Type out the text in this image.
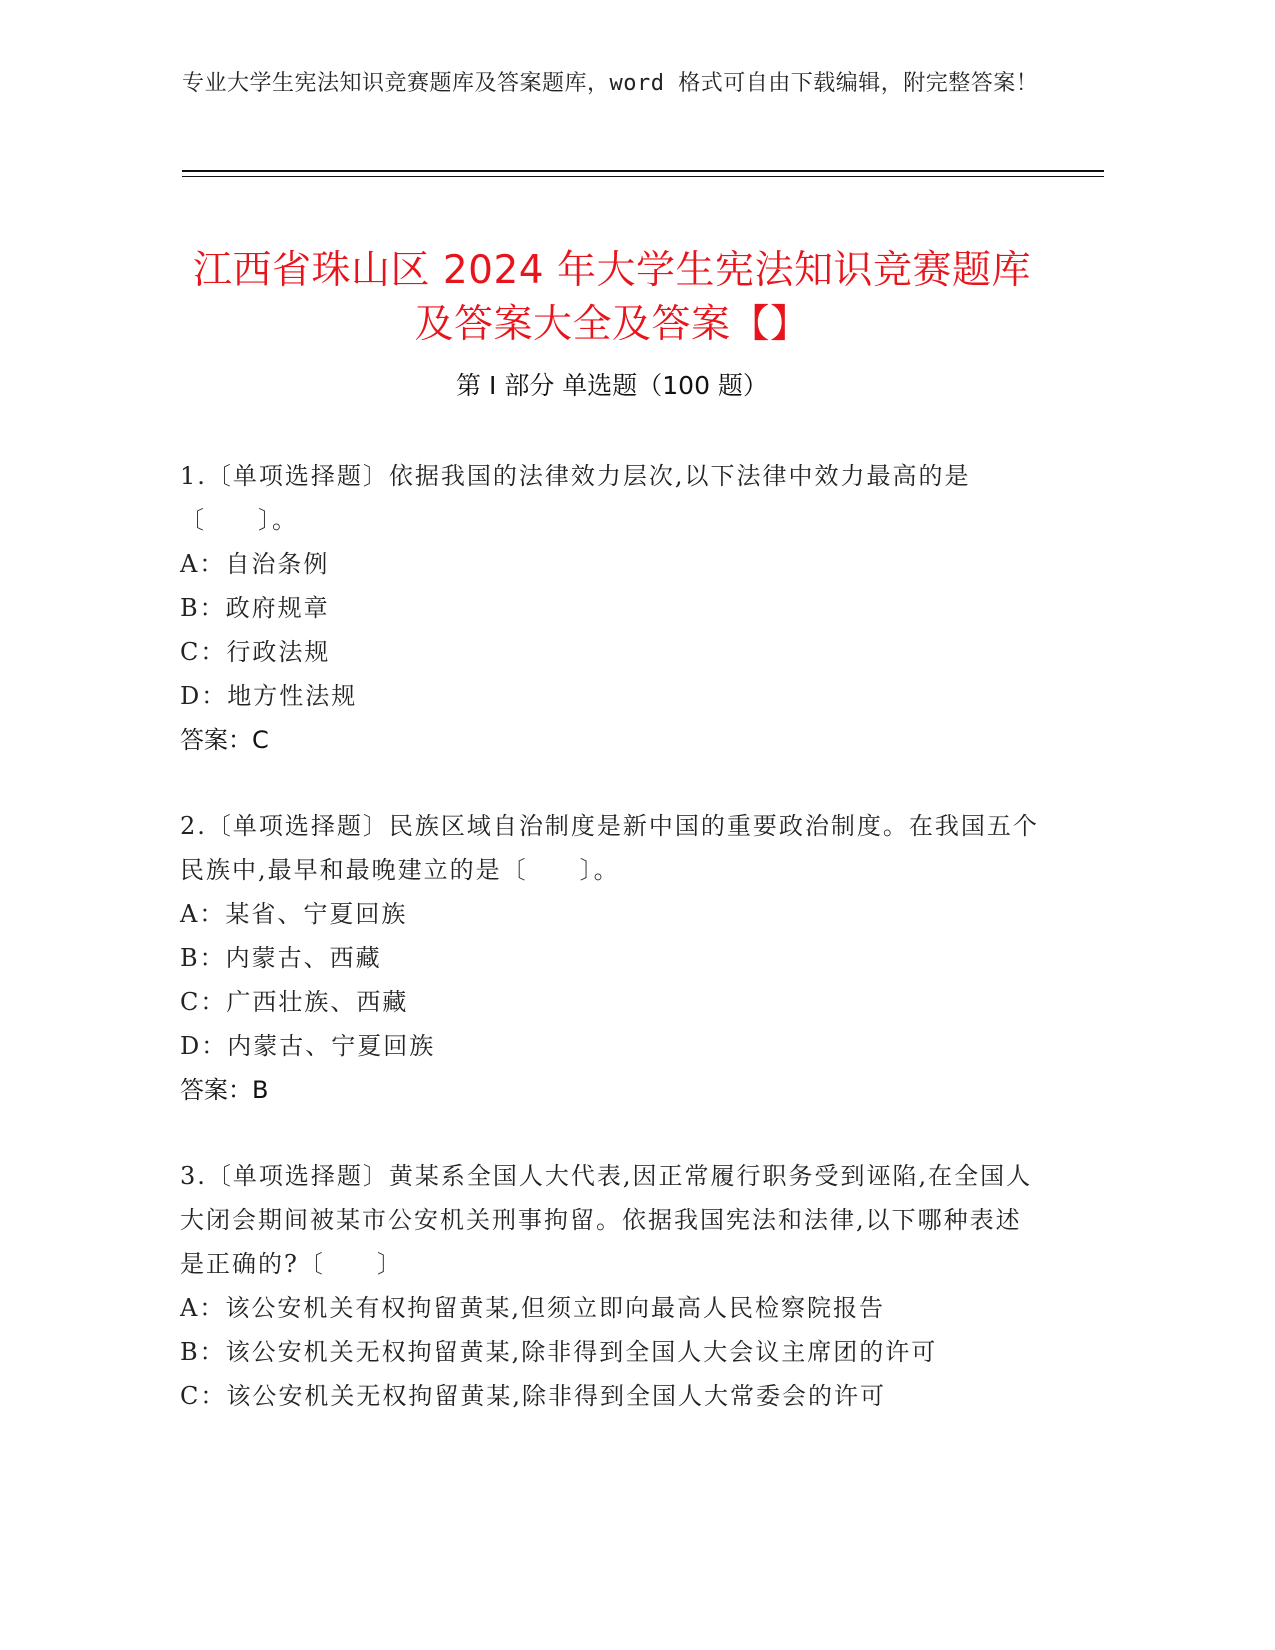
专业大学生宪法知识竞赛题库及答案题库，word 格式可自由下载编辑，附完整答案！
江西省珠山区 2024 年大学生宪法知识竞赛题库及答案大全及答案【】
第 I 部分 单选题（100 题）

1.〔单项选择题〕依据我国的法律效力层次,以下法律中效力最高的是〔　　〕。

A：自治条例

B：政府规章

C：行政法规

D：地方性法规

答案：C

2.〔单项选择题〕民族区域自治制度是新中国的重要政治制度。在我国五个民族中,最早和最晚建立的是〔　　〕。

A：某省、宁夏回族

B：内蒙古、西藏

C：广西壮族、西藏

D：内蒙古、宁夏回族

答案：B

3.〔单项选择题〕黄某系全国人大代表,因正常履行职务受到诬陷,在全国人大闭会期间被某市公安机关刑事拘留。依据我国宪法和法律,以下哪种表述是正确的?〔　　〕

A：该公安机关有权拘留黄某,但须立即向最高人民检察院报告

B：该公安机关无权拘留黄某,除非得到全国人大会议主席团的许可

C：该公安机关无权拘留黄某,除非得到全国人大常委会的许可
